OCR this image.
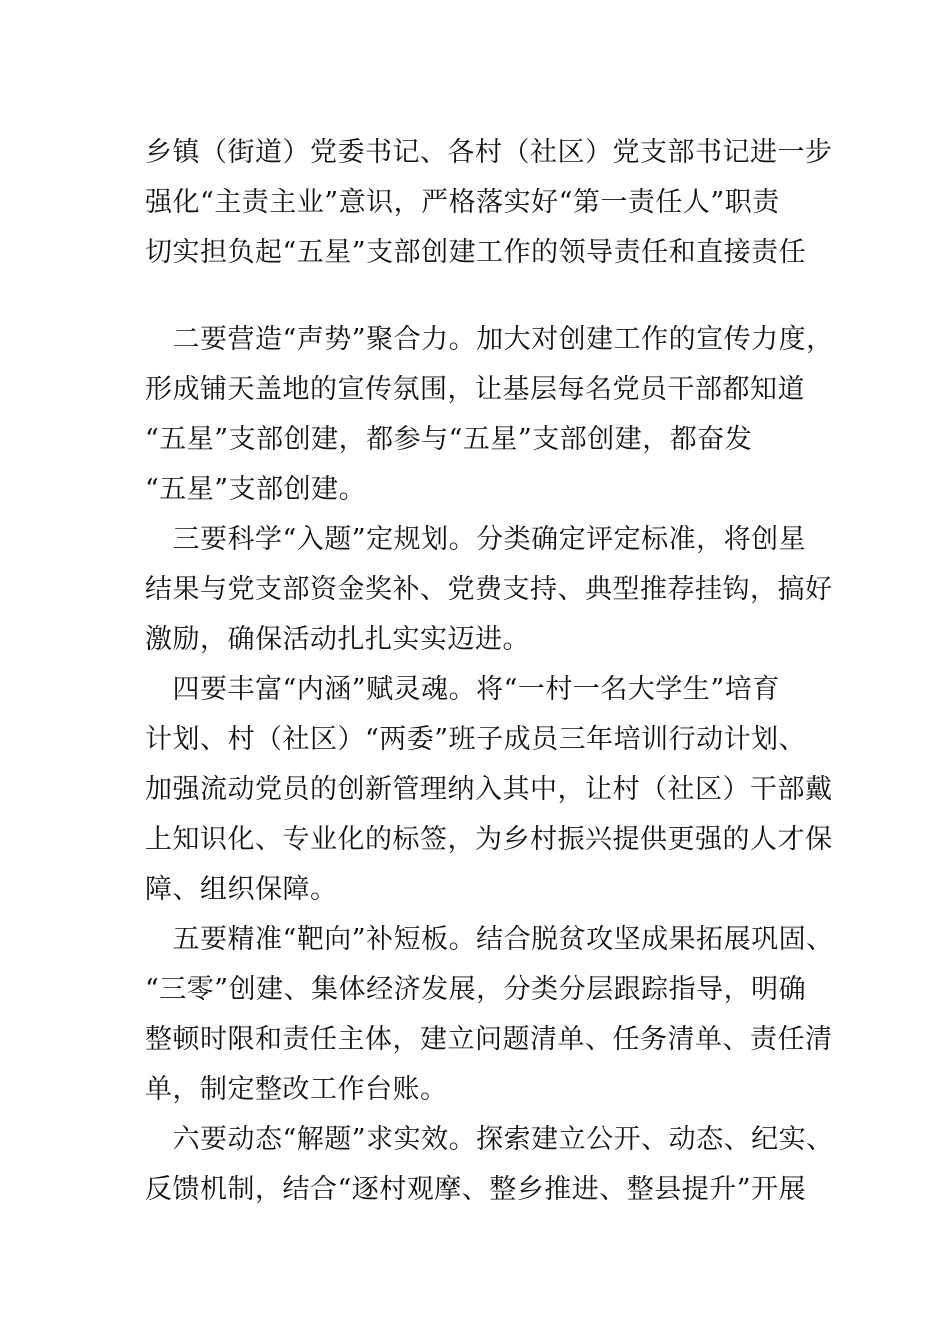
乡镇（街道）党委书记、各村（社区）党支部书记进一步
强化“主责主业”意识，严格落实好“第一责任人”职责
切实担负起“五星”支部创建工作的领导责任和直接责任
　二要营造“声势”聚合力。加大对创建工作的宣传力度，
形成铺天盖地的宣传氛围，让基层每名党员干部都知道
“五星”支部创建，都参与“五星”支部创建，都奋发
“五星”支部创建。
　三要科学“入题”定规划。分类确定评定标准，将创星
结果与党支部资金奖补、党费支持、典型推荐挂钩，搞好
激励，确保活动扎扎实实迈进。
　四要丰富“内涵”赋灵魂。将“一村一名大学生”培育
计划、村（社区）“两委”班子成员三年培训行动计划、
加强流动党员的创新管理纳入其中，让村（社区）干部戴
上知识化、专业化的标签，为乡村振兴提供更强的人才保
障、组织保障。
　五要精准“靶向”补短板。结合脱贫攻坚成果拓展巩固、
“三零”创建、集体经济发展，分类分层跟踪指导，明确
整顿时限和责任主体，建立问题清单、任务清单、责任清
单，制定整改工作台账。
　六要动态“解题”求实效。探索建立公开、动态、纪实、
反馈机制，结合“逐村观摩、整乡推进、整县提升”开展
